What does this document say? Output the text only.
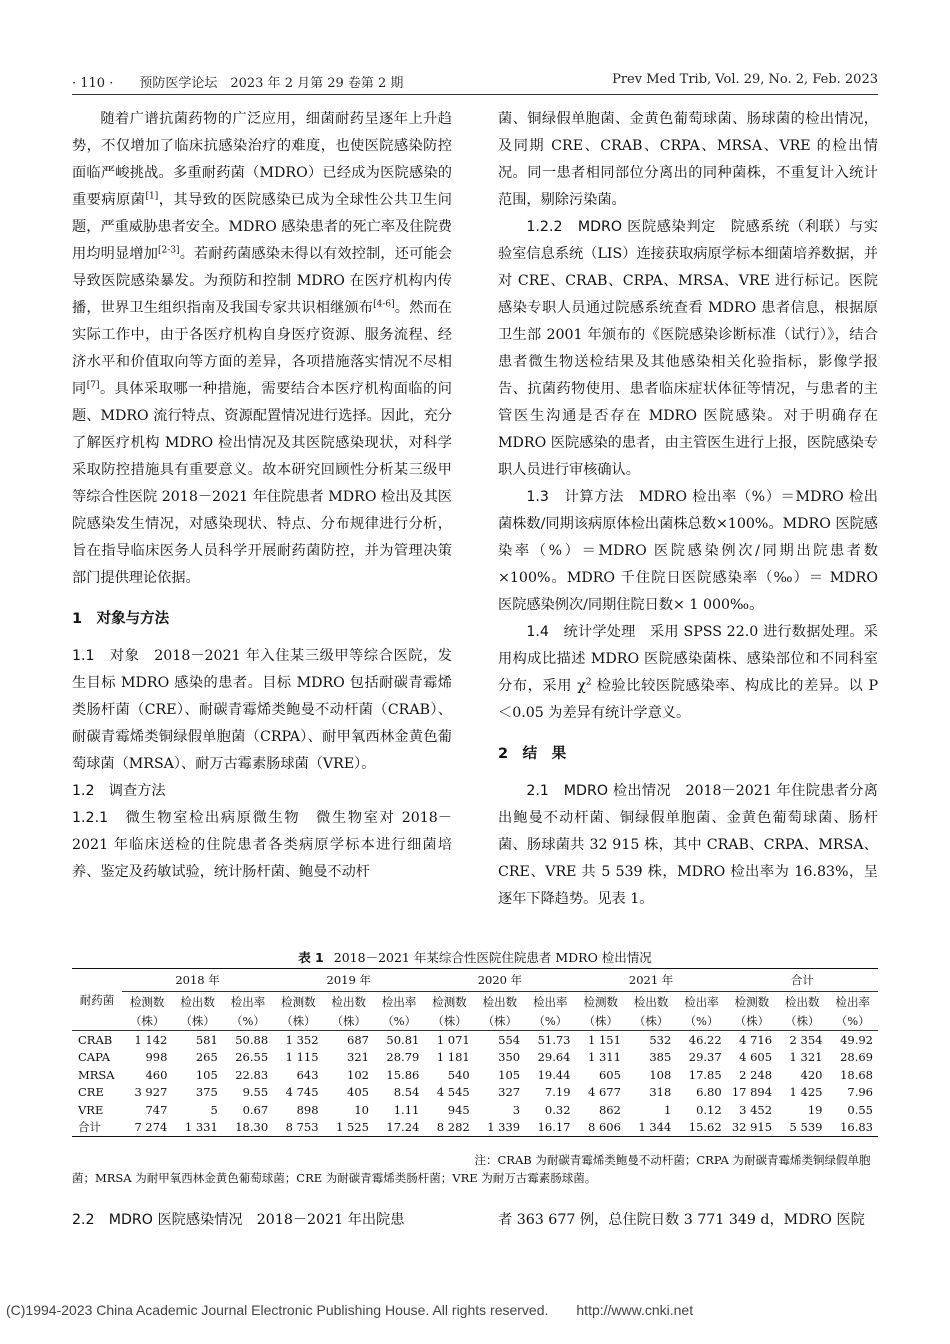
· 110 ·　　预防医学论坛　2023 年 2 月第 29 卷第 2 期	Prev Med Trib, Vol. 29, No. 2, Feb. 2023

随着广谱抗菌药物的广泛应用，细菌耐药呈逐年上升趋势，不仅增加了临床抗感染治疗的难度，也使医院感染防控面临严峻挑战。多重耐药菌（MDRO）已经成为医院感染的重要病原菌[1]，其导致的医院感染已成为全球性公共卫生问题，严重威胁患者安全。MDRO 感染患者的死亡率及住院费用均明显增加[2-3]。若耐药菌感染未得以有效控制，还可能会导致医院感染暴发。为预防和控制 MDRO 在医疗机构内传播，世界卫生组织指南及我国专家共识相继颁布[4-6]。然而在实际工作中，由于各医疗机构自身医疗资源、服务流程、经济水平和价值取向等方面的差异，各项措施落实情况不尽相同[7]。具体采取哪一种措施，需要结合本医疗机构面临的问题、MDRO 流行特点、资源配置情况进行选择。因此，充分了解医疗机构 MDRO 检出情况及其医院感染现状，对科学采取防控措施具有重要意义。故本研究回顾性分析某三级甲等综合性医院 2018－2021 年住院患者 MDRO 检出及其医院感染发生情况，对感染现状、特点、分布规律进行分析，旨在指导临床医务人员科学开展耐药菌防控，并为管理决策部门提供理论依据。

1　对象与方法

1.1　对象　2018－2021 年入住某三级甲等综合医院，发生目标 MDRO 感染的患者。目标 MDRO 包括耐碳青霉烯类肠杆菌（CRE）、耐碳青霉烯类鲍曼不动杆菌（CRAB）、耐碳青霉烯类铜绿假单胞菌（CRPA）、耐甲氧西林金黄色葡萄球菌（MRSA）、耐万古霉素肠球菌（VRE）。

1.2　调查方法

1.2.1　微生物室检出病原微生物　微生物室对 2018－2021 年临床送检的住院患者各类病原学标本进行细菌培养、鉴定及药敏试验，统计肠杆菌、鲍曼不动杆

菌、铜绿假单胞菌、金黄色葡萄球菌、肠球菌的检出情况，及同期 CRE、CRAB、CRPA、MRSA、VRE 的检出情况。同一患者相同部位分离出的同种菌株，不重复计入统计范围，剔除污染菌。

1.2.2　MDRO 医院感染判定　院感系统（利联）与实验室信息系统（LIS）连接获取病原学标本细菌培养数据，并对 CRE、CRAB、CRPA、MRSA、VRE 进行标记。医院感染专职人员通过院感系统查看 MDRO 患者信息，根据原卫生部 2001 年颁布的《医院感染诊断标准（试行）》，结合患者微生物送检结果及其他感染相关化验指标，影像学报告、抗菌药物使用、患者临床症状体征等情况，与患者的主管医生沟通是否存在 MDRO 医院感染。对于明确存在 MDRO 医院感染的患者，由主管医生进行上报，医院感染专职人员进行审核确认。

1.3　计算方法　MDRO 检出率（%）＝MDRO 检出菌株数/同期该病原体检出菌株总数×100%。MDRO 医院感染率（%）＝MDRO 医院感染例次/同期出院患者数×100%。MDRO 千住院日医院感染率（‰）＝ MDRO 医院感染例次/同期住院日数× 1 000‰。

1.4　统计学处理　采用 SPSS 22.0 进行数据处理。采用构成比描述 MDRO 医院感染菌株、感染部位和不同科室分布，采用 $\chi^2$ 检验比较医院感染率、构成比的差异。以 P ＜0.05 为差异有统计学意义。

2　结　果

2.1　MDRO 检出情况　2018－2021 年住院患者分离出鲍曼不动杆菌、铜绿假单胞菌、金黄色葡萄球菌、肠杆菌、肠球菌共 32 915 株，其中 CRAB、CRPA、MRSA、CRE、VRE 共 5 539 株，MDRO 检出率为 16.83%，呈逐年下降趋势。见表 1。

表 1 2018－2021 年某综合性医院住院患者 MDRO 检出情况
耐药菌	2018 年			2019 年			2020 年			2021 年			合计		
	检测数	检出数	检出率	检测数	检出数	检出率	检测数	检出数	检出率	检测数	检出数	检出率	检测数	检出数	检出率
	（株）	（株）	（%）	（株）	（株）	（%）	（株）	（株）	（%）	（株）	（株）	（%）	（株）	（株）	（%）
CRAB	1 142	581	50.88	1 352	687	50.81	1 071	554	51.73	1 151	532	46.22	4 716	2 354	49.92
CAPA	998	265	26.55	1 115	321	28.79	1 181	350	29.64	1 311	385	29.37	4 605	1 321	28.69
MRSA	460	105	22.83	643	102	15.86	540	105	19.44	605	108	17.85	2 248	420	18.68
CRE	3 927	375	9.55	4 745	405	8.54	4 545	327	7.19	4 677	318	6.80	17 894	1 425	7.96
VRE	747	5	0.67	898	10	1.11	945	3	0.32	862	1	0.12	3 452	19	0.55
合计	7 274	1 331	18.30	8 753	1 525	17.24	8 282	1 339	16.17	8 606	1 344	15.62	32 915	5 539	16.83
注：CRAB 为耐碳青霉烯类鲍曼不动杆菌；CRPA 为耐碳青霉烯类铜绿假单胞菌；MRSA 为耐甲氧西林金黄色葡萄球菌；CRE 为耐碳青霉烯类肠杆菌；VRE 为耐万古霉素肠球菌。
2.2　MDRO 医院感染情况　2018－2021 年出院患	者 363 677 例，总住院日数 3 771 349 d，MDRO 医院
(C)1994-2023 China Academic Journal Electronic Publishing House. All rights reserved.　　http://www.cnki.net
